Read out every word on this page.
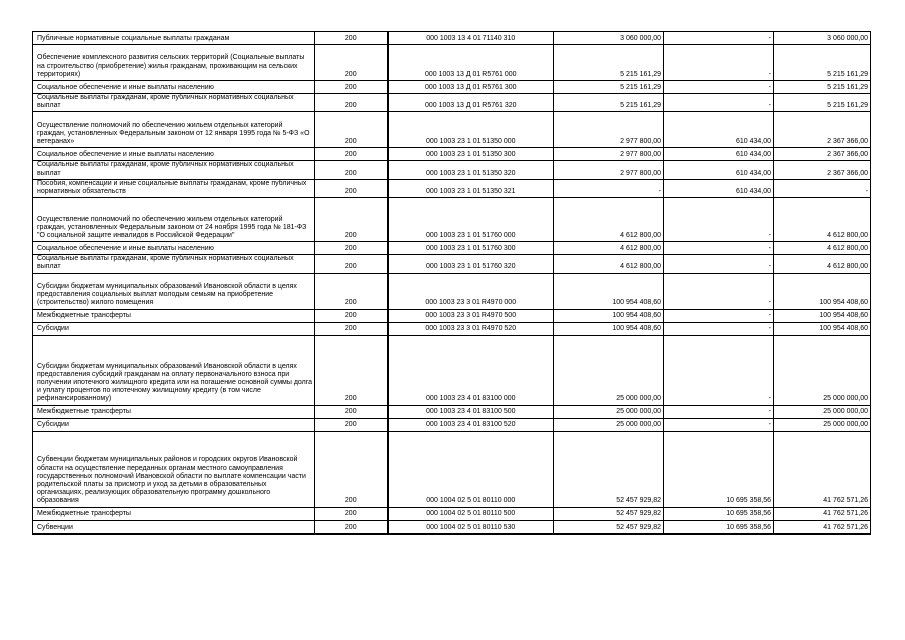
Публичные нормативные социальные выплаты гражданам	200	000 1003 13 4 01 71140 310	3 060 000,00	-	3 060 000,00
Обеспечение комплексного развития сельских территорий (Социальные выплаты на строительство (приобретение) жилья гражданам, проживающим на сельских территориях)	200	000 1003 13 Д 01 R5761 000	5 215 161,29	-	5 215 161,29
Социальное обеспечение и иные выплаты населению	200	000 1003 13 Д 01 R5761 300	5 215 161,29	-	5 215 161,29
Социальные выплаты гражданам, кроме публичных нормативных социальных выплат	200	000 1003 13 Д 01 R5761 320	5 215 161,29	-	5 215 161,29
Осуществление полномочий по обеспечению жильем отдельных категорий граждан, установленных Федеральным законом от 12 января 1995 года № 5-ФЗ «О ветеранах»	200	000 1003 23 1 01 51350 000	2 977 800,00	610 434,00	2 367 366,00
Социальное обеспечение и иные выплаты населению	200	000 1003 23 1 01 51350 300	2 977 800,00	610 434,00	2 367 366,00
Социальные выплаты гражданам, кроме публичных нормативных социальных выплат	200	000 1003 23 1 01 51350 320	2 977 800,00	610 434,00	2 367 366,00
Пособия, компенсации и иные социальные выплаты гражданам, кроме публичных нормативных обязательств	200	000 1003 23 1 01 51350 321	-	610 434,00	-
Осуществление полномочий по обеспечению жильем отдельных категорий граждан, установленных Федеральным законом от 24 ноября 1995 года № 181-ФЗ "О социальной защите инвалидов в Российской Федерации"	200	000 1003 23 1 01 51760 000	4 612 800,00	-	4 612 800,00
Социальное обеспечение и иные выплаты населению	200	000 1003 23 1 01 51760 300	4 612 800,00	-	4 612 800,00
Социальные выплаты гражданам, кроме публичных нормативных социальных выплат	200	000 1003 23 1 01 51760 320	4 612 800,00	-	4 612 800,00
Субсидии бюджетам муниципальных образований Ивановской области в целях предоставления социальных выплат молодым семьям на приобретение (строительство) жилого помещения	200	000 1003 23 3 01 R4970 000	100 954 408,60	-	100 954 408,60
Межбюджетные трансферты	200	000 1003 23 3 01 R4970 500	100 954 408,60	-	100 954 408,60
Субсидии	200	000 1003 23 3 01 R4970 520	100 954 408,60	-	100 954 408,60
Субсидии бюджетам муниципальных образований Ивановской области в целях предоставления субсидий гражданам на оплату первоначального взноса при получении ипотечного жилищного кредита или на погашение основной суммы долга и уплату процентов по ипотечному жилищному кредиту (в том числе рефинансированному)	200	000 1003 23 4 01 83100 000	25 000 000,00	-	25 000 000,00
Межбюджетные трансферты	200	000 1003 23 4 01 83100 500	25 000 000,00	-	25 000 000,00
Субсидии	200	000 1003 23 4 01 83100 520	25 000 000,00	-	25 000 000,00
Субвенции бюджетам муниципальных районов и городских округов Ивановской области на осуществление переданных органам местного самоуправления государственных полномочий Ивановской области по выплате компенсации части родительской платы за присмотр и уход за детьми в образовательных организациях, реализующих образовательную программу дошкольного образования	200	000 1004 02 5 01 80110 000	52 457 929,82	10 695 358,56	41 762 571,26
Межбюджетные трансферты	200	000 1004 02 5 01 80110 500	52 457 929,82	10 695 358,56	41 762 571,26
Субвенции	200	000 1004 02 5 01 80110 530	52 457 929,82	10 695 358,56	41 762 571,26
